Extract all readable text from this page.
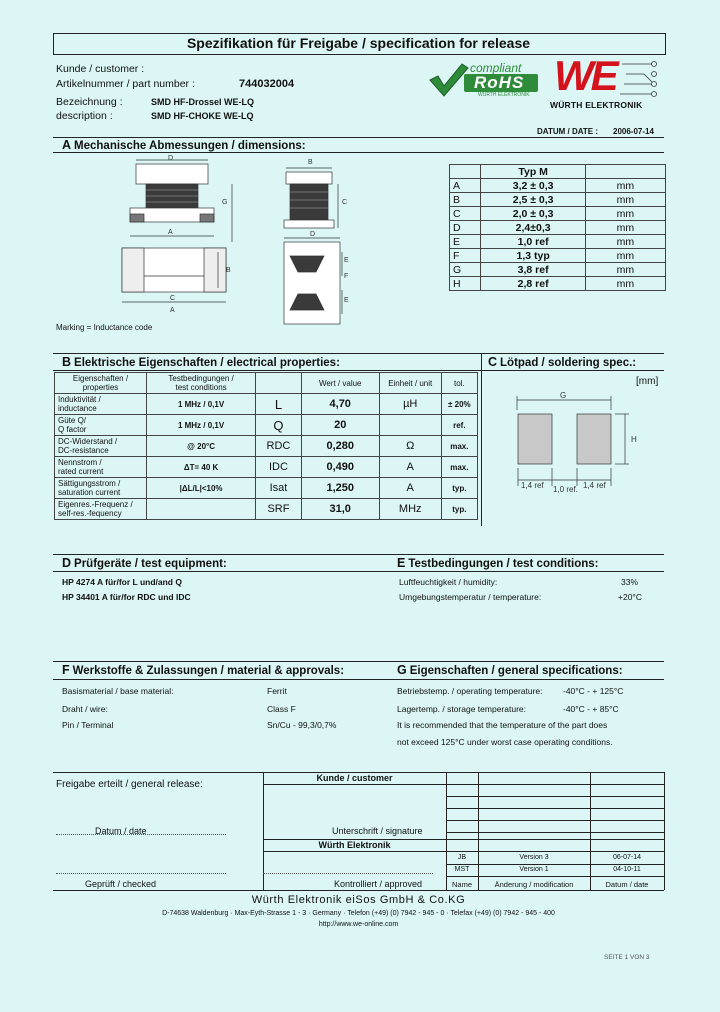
Spezifikation für Freigabe / specification for release
Kunde / customer :
Artikelnummer / part number :	744032004
Bezeichnung :	SMD HF-Drossel WE-LQ
description :	SMD HF-CHOKE WE-LQ
compliant
RoHS
WÜRTH ELEKTRONIK WE
WÜRTH ELEKTRONIK
DATUM / DATE : 2006-07-14
A Mechanische Abmessungen / dimensions:
D
A
G
B
C
C
A
B
D
E
F
E
Marking = Inductance code
	Typ M	
A	3,2 ± 0,3	mm
B	2,5 ± 0,3	mm
C	2,0 ± 0,3	mm
D	2,4±0,3	mm
E	1,0 ref	mm
F	1,3 typ	mm
G	3,8 ref	mm
H	2,8 ref	mm
B Elektrische Eigenschaften / electrical properties:	C Lötpad / soldering spec.:
Eigenschaften /
properties	Testbedingungen /
test conditions		Wert / value	Einheit / unit	tol.
Induktivität /
inductance	1 MHz / 0,1V	L	4,70	µH	± 20%
Güte Q/
Q factor	1 MHz / 0,1V	Q	20		ref.
DC-Widerstand /
DC-resistance	@ 20°C	RDC	0,280	Ω	max.
Nennstrom /
rated current	ΔT= 40 K	IDC	0,490	A	max.
Sättigungsstrom /
saturation current	|ΔL/L|<10%	Isat	1,250	A	typ.
Eigenres.-Frequenz /
self-res.-fequency		SRF	31,0	MHz	typ.
[mm]
G
H
1,4 ref 1,0 ref. 1,4 ref
D Prüfgeräte / test equipment:	E Testbedingungen / test conditions:
HP 4274 A für/for L und/and Q
HP 34401 A für/for RDC und IDC
Luftfeuchtigkeit / humidity:	33%
Umgebungstemperatur / temperature:	+20°C
F Werkstoffe & Zulassungen / material & approvals:	G Eigenschaften / general specifications:
Basismaterial / base material:	Ferrit
Draht / wire:	Class F
Pin / Terminal	Sn/Cu - 99,3/0,7%
Betriebstemp. / operating temperature: -40°C - + 125°C
Lagertemp. / storage temperature:	-40°C - + 85°C
It is recommended that the temperature of the part does
not exceed 125°C under worst case operating conditions.
Freigabe erteilt / general release:
Kunde / customer
Datum / date	Unterschrift / signature
Würth Elektronik
JB	Version 3	06-07-14
MST	Version 1	04-10-11
Geprüft / checked	Kontrolliert / approved	Name	Änderung / modification	Datum / date
Würth Elektronik eiSos GmbH & Co.KG
D-74638 Waldenburg · Max-Eyth-Strasse 1 - 3 · Germany · Telefon (+49) (0) 7942 - 945 - 0 · Telefax (+49) (0) 7942 - 945 - 400
http://www.we-online.com
SEITE 1 VON 3
